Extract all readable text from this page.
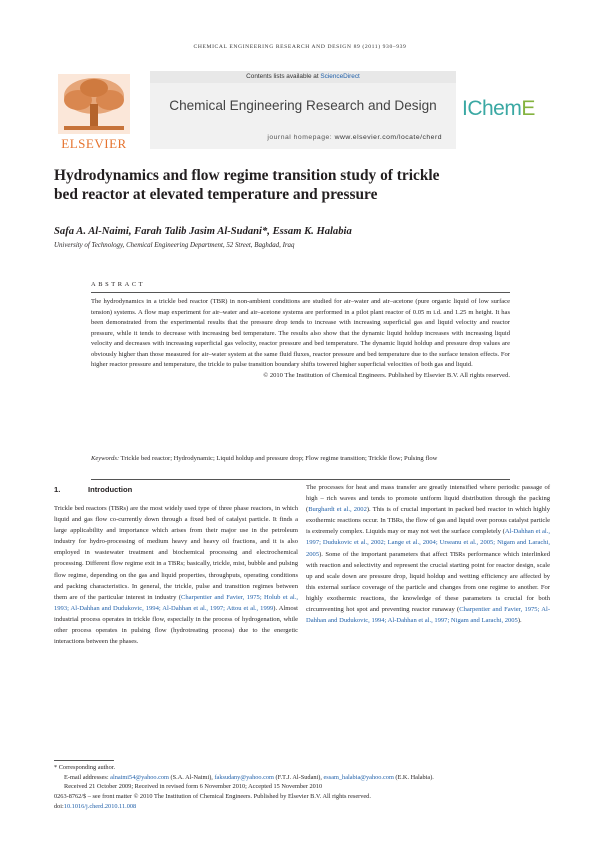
CHEMICAL ENGINEERING RESEARCH AND DESIGN 89 (2011) 930–939
ELSEVIER
Contents lists available at ScienceDirect
Chemical Engineering Research and Design
journal homepage: www.elsevier.com/locate/cherd
IChemE
Hydrodynamics and flow regime transition study of trickle
bed reactor at elevated temperature and pressure
Safa A. Al-Naimi, Farah Talib Jasim Al-Sudani*, Essam K. Halabia
University of Technology, Chemical Engineering Department, 52 Street, Baghdad, Iraq
ABSTRACT

The hydrodynamics in a trickle bed reactor (TBR) in non-ambient conditions are studied for air–water and air–acetone (pure organic liquid of low surface tension) systems. A flow map experiment for air–water and air–acetone systems are performed in a pilot plant reactor of 0.05 m i.d. and 1.25 m height. It has been demonstrated from the experimental results that the pressure drop tends to increase with increasing superficial gas and liquid velocity and reactor pressure, while it tends to decrease with increasing bed temperature. The results also show that the dynamic liquid holdup increases with increasing liquid velocity and decreases with increasing superficial gas velocity, reactor pressure and bed temperature. The dynamic liquid holdup and pressure drop values are obviously higher than those measured for air–water system at the same fluid fluxes, reactor pressure and bed temperature due to the surface tension effects. For higher reactor pressure and temperature, the trickle to pulse transition boundary shifts towered higher superficial velocities of both gas and liquid.

© 2010 The Institution of Chemical Engineers. Published by Elsevier B.V. All rights reserved.

Keywords: Trickle bed reactor; Hydrodynamic; Liquid holdup and pressure drop; Flow regime transition; Trickle flow; Pulsing flow
1.	Introduction

Trickle bed reactors (TBRs) are the most widely used type of three phase reactors, in which liquid and gas flow co-currently down through a fixed bed of catalyst particle. It finds a large applicability and importance which arises from their major use in the petroleum industry for hydro-processing of medium heavy and heavy oil fractions, and it is also employed in wastewater treatment and biochemical processing and electrochemical processing. Different flow regime exit in a TBRs; basically, trickle, mist, bubble and pulsing flow regime, depending on the gas and liquid properties, throughputs, operating conditions and packing characteristics. In general, the trickle, pulse and transition regimes between them are of the particular interest in industry (Charpentier and Favier, 1975; Holub et al., 1993; Al-Dahhan and Dudukovic, 1994; Al-Dahhan et al., 1997; Attou et al., 1999). Almost industrial process operates in trickle flow, especially in the process of hydrogenation, while other process operates in pulsing flow (hydrotreating process) due to the energetic interactions between the phases.

The processes for heat and mass transfer are greatly intensified where periodic passage of high – rich waves and tends to promote uniform liquid distribution through the packing (Burghardt et al., 2002). This is of crucial important in packed bed reactor in which highly exothermic reactions occur. In TBRs, the flow of gas and liquid over porous catalyst particle is extremely complex. Liquids may or may not wet the surface completely (Al-Dahhan et al., 1997; Dudukovic et al., 2002; Lange et al., 2004; Urseanu et al., 2005; Nigam and Larachi, 2005). Some of the important parameters that affect TBRs performance which interlinked with reaction and selectivity and represent the crucial starting point for reactor design, scale up and scale down are pressure drop, liquid holdup and wetting efficiency are affected by this external surface coverage of the particle and changes from one regime to another. For highly exothermic reactions, the knowledge of these parameters is crucial for both circumventing hot spot and preventing reactor runaway (Charpentier and Favier, 1975; Al-Dahhan and Dudukovic, 1994; Al-Dahhan et al., 1997; Nigam and Larachi, 2005).

* Corresponding author.
E-mail addresses: alnaimi54@yahoo.com (S.A. Al-Naimi), faksudany@yahoo.com (F.T.J. Al-Sudani), essam_halabia@yahoo.com (E.K. Halabia).
Received 21 October 2009; Received in revised form 6 November 2010; Accepted 15 November 2010
0263-8762/$ – see front matter © 2010 The Institution of Chemical Engineers. Published by Elsevier B.V. All rights reserved.
doi:10.1016/j.cherd.2010.11.008
